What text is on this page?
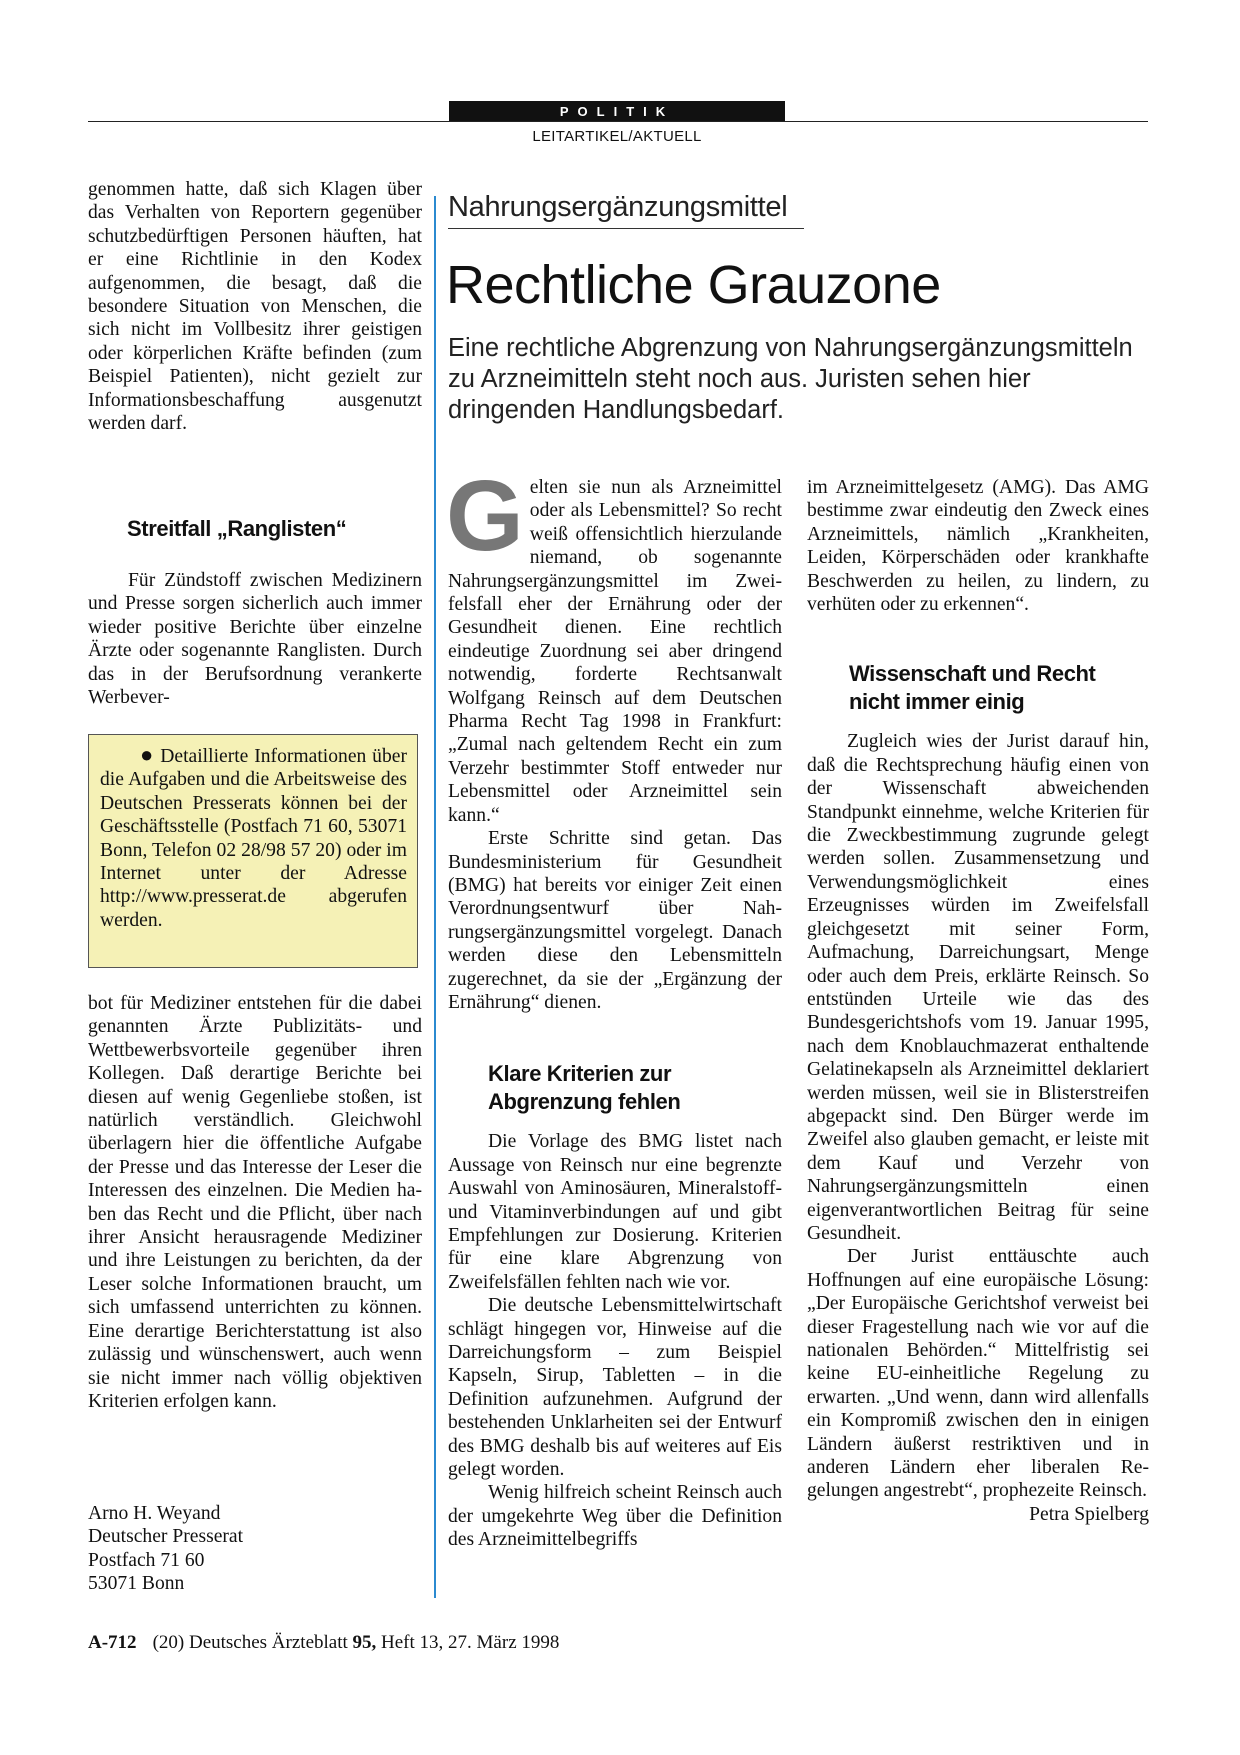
POLITIK
LEITARTIKEL/AKTUELL

genommen hatte, daß sich Klagen über das Verhalten von Reportern gegenüber schutzbedürftigen Personen häuften, hat er eine Richtlinie in den Kodex aufgenommen, die besagt, daß die besondere Situation von Menschen, die sich nicht im Vollbesitz ihrer geistigen oder körperlichen Kräfte befinden (zum Beispiel Patienten), nicht gezielt zur Informationsbeschaffung ausgenutzt werden darf.

Streitfall „Ranglisten“

Für Zündstoff zwischen Medizinern und Presse sorgen sicherlich auch immer wieder positive Berichte über einzelne Ärzte oder sogenannte Ranglisten. Durch das in der Berufsordnung verankerte Werbever-

● Detaillierte Informationen über die Aufgaben und die Arbeitsweise des Deutschen Presserats können bei der Geschäftsstelle (Postfach 71 60, 53071 Bonn, Telefon 02 28/98 57 20) oder im Internet unter der Adresse http://www.presserat.de abgerufen werden.

bot für Mediziner entstehen für die dabei genannten Ärzte Publizitäts- und Wettbewerbsvorteile gegenüber ihren Kollegen. Daß derartige Berichte bei diesen auf wenig Gegenliebe stoßen, ist natürlich verständlich. Gleichwohl überlagern hier die öffentliche Aufgabe der Presse und das Interesse der Leser die Interessen des einzelnen. Die Medien haben das Recht und die Pflicht, über nach ihrer Ansicht herausragende Mediziner und ihre Leistungen zu berichten, da der Leser solche Informationen braucht, um sich umfassend unterrichten zu können. Eine derartige Berichterstattung ist also zulässig und wünschenswert, auch wenn sie nicht immer nach völlig objektiven Kriterien erfolgen kann.

Arno H. Weyand
Deutscher Presserat
Postfach 71 60
53071 Bonn
Nahrungsergänzungsmittel
Rechtliche Grauzone
Eine rechtliche Abgrenzung von Nahrungsergänzungsmitteln zu Arzneimitteln steht noch aus. Juristen sehen hier dringenden Handlungsbedarf.

Gelten sie nun als Arzneimittel oder als Lebensmittel? So recht weiß offensichtlich hierzulande niemand, ob sogenannte Nahrungsergänzungsmittel im Zweifelsfall eher der Ernährung oder der Gesundheit dienen. Eine rechtlich eindeutige Zuordnung sei aber dringend notwendig, forderte Rechtsanwalt Wolfgang Reinsch auf dem Deutschen Pharma Recht Tag 1998 in Frankfurt: „Zumal nach geltendem Recht ein zum Verzehr bestimmter Stoff entweder nur Lebensmittel oder Arzneimittel sein kann.“

Erste Schritte sind getan. Das Bundesministerium für Gesundheit (BMG) hat bereits vor einiger Zeit einen Verordnungsentwurf über Nahrungsergänzungsmittel vorgelegt. Danach werden diese den Lebensmitteln zugerechnet, da sie der „Ergänzung der Ernährung“ dienen.

Klare Kriterien zur Abgrenzung fehlen

Die Vorlage des BMG listet nach Aussage von Reinsch nur eine begrenzte Auswahl von Aminosäuren, Mineralstoff- und Vitaminverbindungen auf und gibt Empfehlungen zur Dosierung. Kriterien für eine klare Abgrenzung von Zweifelsfällen fehlten nach wie vor.

Die deutsche Lebensmittelwirtschaft schlägt hingegen vor, Hinweise auf die Darreichungsform – zum Beispiel Kapseln, Sirup, Tabletten – in die Definition aufzunehmen. Aufgrund der bestehenden Unklarheiten sei der Entwurf des BMG deshalb bis auf weiteres auf Eis gelegt worden.

Wenig hilfreich scheint Reinsch auch der umgekehrte Weg über die Definition des Arzneimittelbegriffs

im Arzneimittelgesetz (AMG). Das AMG bestimme zwar eindeutig den Zweck eines Arzneimittels, nämlich „Krankheiten, Leiden, Körperschäden oder krankhafte Beschwerden zu heilen, zu lindern, zu verhüten oder zu erkennen“.

Wissenschaft und Recht nicht immer einig

Zugleich wies der Jurist darauf hin, daß die Rechtsprechung häufig einen von der Wissenschaft abweichenden Standpunkt einnehme, welche Kriterien für die Zweckbestimmung zugrunde gelegt werden sollen. Zusammensetzung und Verwendungsmöglichkeit eines Erzeugnisses würden im Zweifelsfall gleichgesetzt mit seiner Form, Aufmachung, Darreichungsart, Menge oder auch dem Preis, erklärte Reinsch. So entstünden Urteile wie das des Bundesgerichtshofs vom 19. Januar 1995, nach dem Knoblauchmazerat enthaltende Gelatinekapseln als Arzneimittel deklariert werden müssen, weil sie in Blisterstreifen abgepackt sind. Den Bürger werde im Zweifel also glauben gemacht, er leiste mit dem Kauf und Verzehr von Nahrungsergänzungsmitteln einen eigenverantwortlichen Beitrag für seine Gesundheit.

Der Jurist enttäuschte auch Hoffnungen auf eine europäische Lösung: „Der Europäische Gerichtshof verweist bei dieser Fragestellung nach wie vor auf die nationalen Behörden.“ Mittelfristig sei keine EU-einheitliche Regelung zu erwarten. „Und wenn, dann wird allenfalls ein Kompromiß zwischen den in einigen Ländern äußerst restriktiven und in anderen Ländern eher liberalen Regelungen angestrebt“, prophezeite Reinsch.
Petra Spielberg

A-712 (20) Deutsches Ärzteblatt 95, Heft 13, 27. März 1998
